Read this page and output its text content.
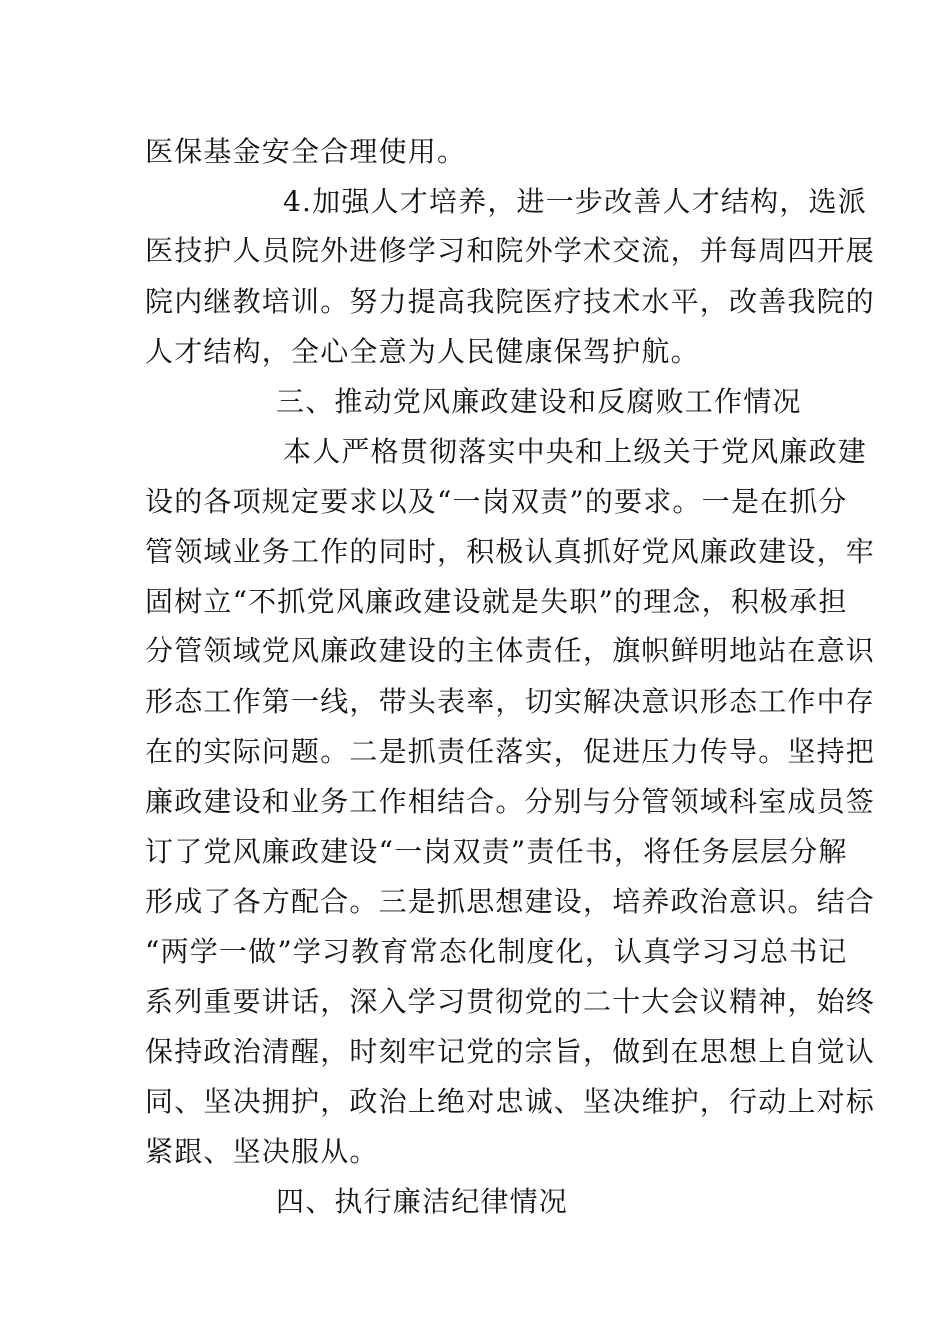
医保基金安全合理使用。
4.加强人才培养，进一步改善人才结构，选派
医技护人员院外进修学习和院外学术交流，并每周四开展
院内继教培训。努力提高我院医疗技术水平，改善我院的
人才结构，全心全意为人民健康保驾护航。
三、推动党风廉政建设和反腐败工作情况
本人严格贯彻落实中央和上级关于党风廉政建
设的各项规定要求以及“一岗双责”的要求。一是在抓分
管领域业务工作的同时，积极认真抓好党风廉政建设，牢
固树立“不抓党风廉政建设就是失职”的理念，积极承担
分管领域党风廉政建设的主体责任，旗帜鲜明地站在意识
形态工作第一线，带头表率，切实解决意识形态工作中存
在的实际问题。二是抓责任落实，促进压力传导。坚持把
廉政建设和业务工作相结合。分别与分管领域科室成员签
订了党风廉政建设“一岗双责”责任书，将任务层层分解
形成了各方配合。三是抓思想建设，培养政治意识。结合
“两学一做”学习教育常态化制度化，认真学习习总书记
系列重要讲话，深入学习贯彻党的二十大会议精神，始终
保持政治清醒，时刻牢记党的宗旨，做到在思想上自觉认
同、坚决拥护，政治上绝对忠诚、坚决维护，行动上对标
紧跟、坚决服从。
四、执行廉洁纪律情况
